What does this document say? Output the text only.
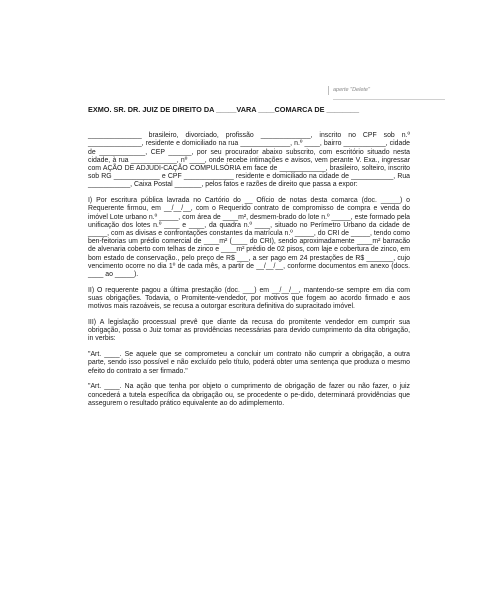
aperte "Delete"
EXMO. SR. DR. JUIZ DE DIREITO DA _____VARA ____COMARCA DE ________

______________ brasileiro, divorciado, profissão _____________, inscrito no CPF sob n.º ______________, residente e domiciliado na rua _____________, n.º ____, bairro ___________, cidade de ____________, CEP ______, por seu procurador abaixo subscrito, com escritório situado nesta cidade, à rua ____________, nº ____, onde recebe intimações e avisos, vem perante V. Exa., ingressar com AÇÃO DE ADJUDI-CAÇÃO COMPULSÓRIA em face de ____________, brasileiro, solteiro, inscrito sob RG ____________ e CPF _____________ residente e domiciliado na cidade de ___________, Rua ___________, Caixa Postal _______, pelos fatos e razões de direito que passa a expor:

I) Por escritura pública lavrada no Cartório do __ Ofício de notas desta comarca (doc. _____) o Requerente firmou, em __/__/__, com o Requerido contrato de compromisso de compra e venda do imóvel Lote urbano n.º _____, com área de ____m², desmem-brado do lote n.º _____, este formado pela unificação dos lotes n.º ____ e ____, da quadra n.º ____, situado no Perímetro Urbano da cidade de _____, com as divisas e confrontações constantes da matrícula n.º _____, do CRI de _____, tendo como ben-feitorias um prédio comercial de ____m² (____ do CRI), sendo aproximadamente ____m² barracão de alvenaria coberto com telhas de zinco e ____m² prédio de 02 pisos, com laje e cobertura de zinco, em bom estado de conservação., pelo preço de R$ ___, a ser pago em 24 prestações de R$ _______, cujo vencimento ocorre no dia 1º de cada mês, a partir de __/__/__, conforme documentos em anexo (docs. ____ ao _____).

II) O requerente pagou a última prestação (doc. ___) em __/__/__, mantendo-se sempre em dia com suas obrigações. Todavia, o Promitente-vendedor, por motivos que fogem ao acordo firmado e aos motivos mais razoáveis, se recusa a outorgar escritura definitiva do supracitado imóvel.

III) A legislação processual prevê que diante da recusa do promitente vendedor em cumprir sua obrigação, possa o Juiz tomar as providências necessárias para devido cumprimento da dita obrigação, in verbis:

"Art. ____. Se aquele que se comprometeu a concluir um contrato não cumprir a obrigação, a outra parte, sendo isso possível e não excluído pelo título, poderá obter uma sentença que produza o mesmo efeito do contrato a ser firmado."

"Art. ____. Na ação que tenha por objeto o cumprimento de obrigação de fazer ou não fazer, o juiz concederá a tutela específica da obrigação ou, se procedente o pe-dido, determinará providências que assegurem o resultado prático equivalente ao do adimplemento.
